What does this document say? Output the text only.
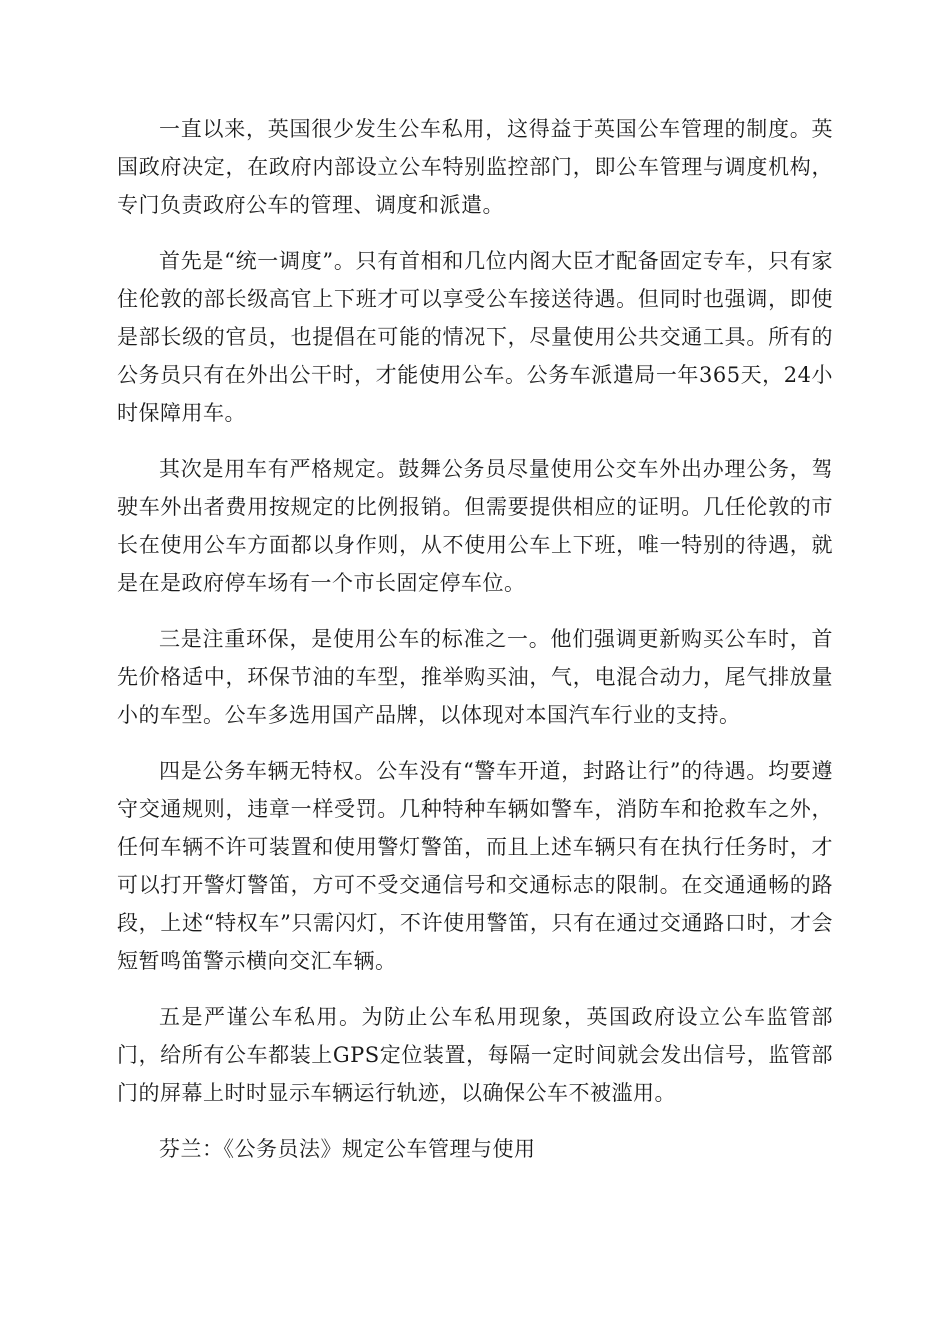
一直以来，英国很少发生公车私用，这得益于英国公车管理的制度。英国政府决定，在政府内部设立公车特别监控部门，即公车管理与调度机构，专门负责政府公车的管理、调度和派遣。

首先是“统一调度”。只有首相和几位内阁大臣才配备固定专车，只有家住伦敦的部长级高官上下班才可以享受公车接送待遇。但同时也强调，即使是部长级的官员，也提倡在可能的情况下，尽量使用公共交通工具。所有的公务员只有在外出公干时，才能使用公车。公务车派遣局一年365天，24小时保障用车。

其次是用车有严格规定。鼓舞公务员尽量使用公交车外出办理公务，驾驶车外出者费用按规定的比例报销。但需要提供相应的证明。几任伦敦的市长在使用公车方面都以身作则，从不使用公车上下班，唯一特别的待遇，就是在是政府停车场有一个市长固定停车位。

三是注重环保，是使用公车的标准之一。他们强调更新购买公车时，首先价格适中，环保节油的车型，推举购买油，气，电混合动力，尾气排放量小的车型。公车多选用国产品牌，以体现对本国汽车行业的支持。

四是公务车辆无特权。公车没有“警车开道，封路让行”的待遇。均要遵守交通规则，违章一样受罚。几种特种车辆如警车，消防车和抢救车之外，任何车辆不许可装置和使用警灯警笛，而且上述车辆只有在执行任务时，才可以打开警灯警笛，方可不受交通信号和交通标志的限制。在交通通畅的路段，上述“特权车”只需闪灯，不许使用警笛，只有在通过交通路口时，才会短暂鸣笛警示横向交汇车辆。

五是严谨公车私用。为防止公车私用现象，英国政府设立公车监管部门，给所有公车都装上GPS定位装置，每隔一定时间就会发出信号，监管部门的屏幕上时时显示车辆运行轨迹，以确保公车不被滥用。

芬兰：《公务员法》规定公车管理与使用
